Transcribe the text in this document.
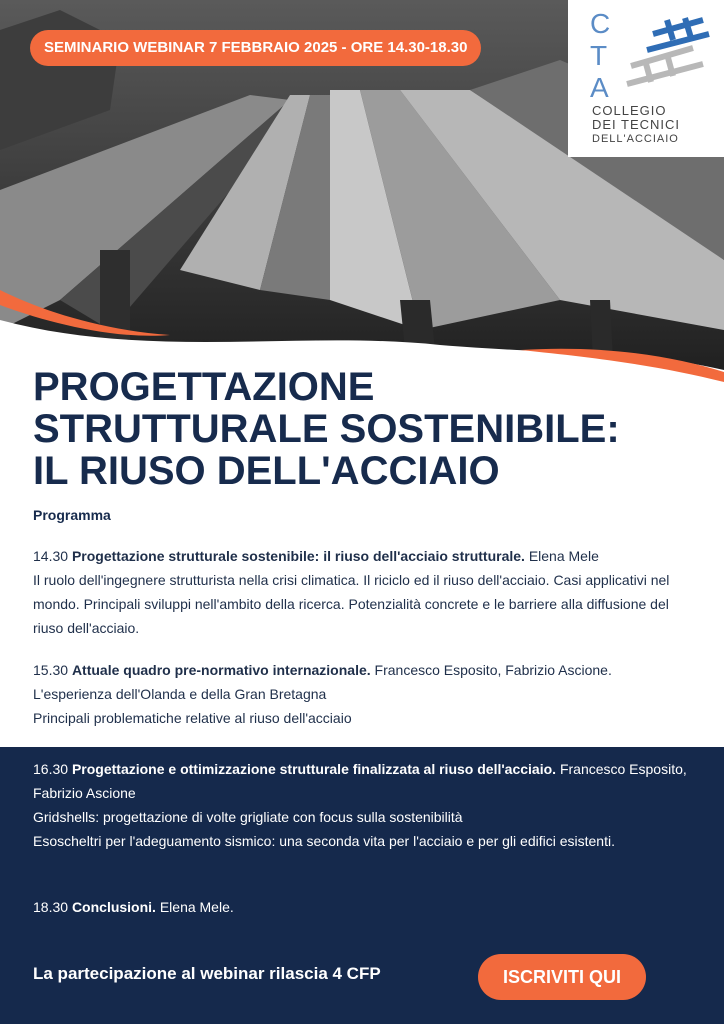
SEMINARIO WEBINAR 7 FEBBRAIO 2025 - ORE 14.30-18.30
C
T
A
COLLEGIO
DEI TECNICI
DELL'ACCIAIO
PROGETTAZIONE
STRUTTURALE SOSTENIBILE:
IL RIUSO DELL'ACCIAIO
Programma
14.30 Progettazione strutturale sostenibile: il riuso dell'acciaio strutturale. Elena Mele
Il ruolo dell'ingegnere strutturista nella crisi climatica. Il riciclo ed il riuso dell'acciaio. Casi applicativi nel mondo. Principali sviluppi nell'ambito della ricerca. Potenzialità concrete e le barriere alla diffusione del riuso dell'acciaio.
15.30 Attuale quadro pre-normativo internazionale. Francesco Esposito, Fabrizio Ascione.
L'esperienza dell'Olanda e della Gran Bretagna
Principali problematiche relative al riuso dell'acciaio
16.30 Progettazione e ottimizzazione strutturale finalizzata al riuso dell'acciaio. Francesco Esposito, Fabrizio Ascione
Gridshells: progettazione di volte grigliate con focus sulla sostenibilità
Esoscheltri per l'adeguamento sismico: una seconda vita per l'acciaio e per gli edifici esistenti.
18.30 Conclusioni. Elena Mele.
La partecipazione al webinar rilascia 4 CFP	ISCRIVITI QUI
